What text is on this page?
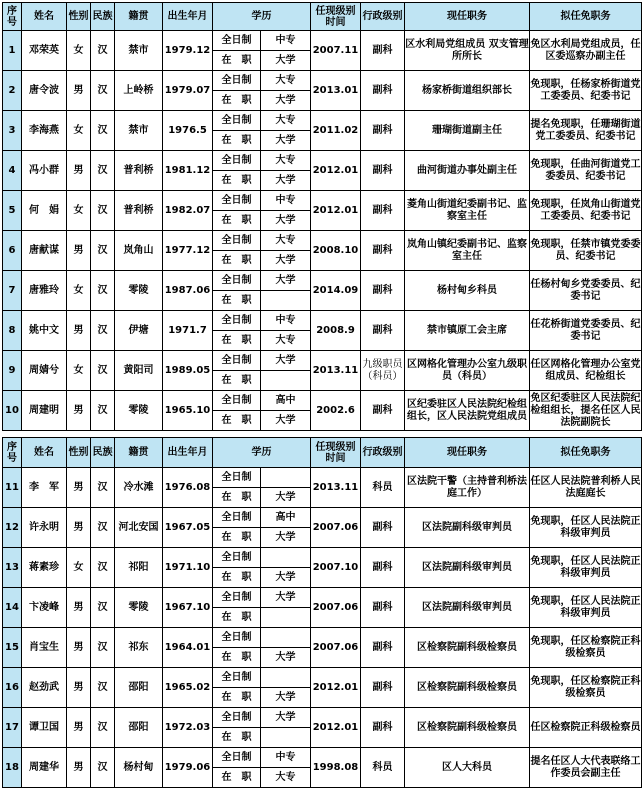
序号	姓名	性别	民族	籍贯	出生年月	学历		任现级别时间	行政级别	现任职务	拟任免职务
1	邓荣英	女	汉	禁市	1979.12	全日制	中专	2007.11	副科	区水利局党组成员 双支管理所所长	免区水利局党组成员，任区委巡察办副主任
						在　职	大学				
2	唐令波	男	汉	上岭桥	1979.07	全日制	大专	2013.01	副科	杨家桥街道组织部长	免现职，任杨家桥街道党工委委员、纪委书记
						在　职	大学				
3	李海燕	女	汉	禁市	1976.5	全日制	大专	2011.02	副科	珊瑚街道副主任	提名免现职，任珊瑚街道党工委委员、纪委书记
						在　职	大学				
4	冯小群	男	汉	普利桥	1981.12	全日制	大专	2012.01	副科	曲河街道办事处副主任	免现职，任曲河街道党工委委员、纪委书记
						在　职	大学				
5	何　娟	女	汉	普利桥	1982.07	全日制	中专	2012.01	副科	菱角山街道纪委副书记、监察室主任	免现职，任岚角山街道党工委委员、纪委书记
						在　职	大学				
6	唐献谋	男	汉	岚角山	1977.12	全日制	大专	2008.10	副科	岚角山镇纪委副书记、监察室主任	免现职，任禁市镇党委委员、纪委书记
						在　职	大学				
7	唐雅玲	女	汉	零陵	1987.06	全日制	大学	2014.09	副科	杨村甸乡科员	任杨村甸乡党委委员、纪委书记
						在　职					
8	姚中文	男	汉	伊塘	1971.7	全日制	中专	2008.9	副科	禁市镇原工会主席	任花桥街道党委委员、纪委书记
						在　职	大专				
9	周婧兮	女	汉	黄阳司	1989.05	全日制	大学	2013.11	九级职员（科员）	区网格化管理办公室九级职员（科员）	任区网格化管理办公室党组成员、纪检组长
						在　职					
10	周建明	男	汉	零陵	1965.10	全日制	高中	2002.6	副科	区纪委驻区人民法院纪检组组长，区人民法院党组成员	免区纪委驻区人民法院纪检组组长，提名任区人民法院副院长
						在　职	大学				
序号	姓名	性别	民族	籍贯	出生年月	学历		任现级别时间	行政级别	现任职务	拟任免职务
11	李　军	男	汉	冷水滩	1976.08	全日制		2013.11	科员	区法院干警（主持普利桥法庭工作）	任区人民法院普利桥人民法庭庭长
						在　职	大学				
12	许永明	男	汉	河北安国	1967.05	全日制	高中	2007.06	副科	区法院副科级审判员	免现职，任区人民法院正科级审判员
						在　职	大学				
13	蒋素珍	女	汉	祁阳	1971.10	全日制		2007.10	副科	区法院副科级审判员	免现职，任区人民法院正科级审判员
						在　职	大学				
14	卞凌峰	男	汉	零陵	1967.10	全日制	大学	2007.06	副科	区法院副科级审判员	免现职，任区人民法院正科级审判员
						在　职					
15	肖宝生	男	汉	祁东	1964.01	全日制		2007.06	副科	区检察院副科级检察员	免现职，任区检察院正科级检察员
						在　职	大学				
16	赵劲武	男	汉	邵阳	1965.02	全日制		2012.01	副科	区检察院副科级检察员	免现职，任区检察院正科级检察员
						在　职	大学				
17	谭卫国	男	汉	邵阳	1972.03	全日制	大学	2012.01	副科	区检察院副科级检察员	任区检察院正科级检察员
						在　职					
18	周建华	男	汉	杨村甸	1979.06	全日制	中专	1998.08	科员	区人大科员	提名任区人大代表联络工作委员会副主任
						在　职	大专				
